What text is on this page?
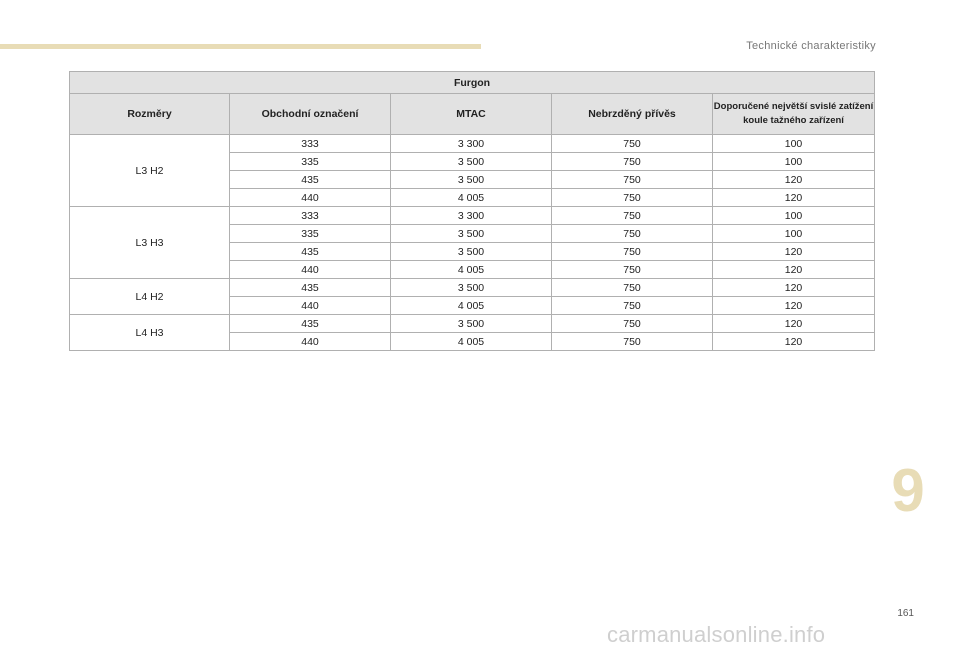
Technické charakteristiky
Furgon				
Rozměry	Obchodní označení	MTAC	Nebrzděný přívěs	Doporučené největší svislé zatížení koule tažného zařízení
L3 H2	333	3 300	750	100
	335	3 500	750	100
	435	3 500	750	120
	440	4 005	750	120
L3 H3	333	3 300	750	100
	335	3 500	750	100
	435	3 500	750	120
	440	4 005	750	120
L4 H2	435	3 500	750	120
	440	4 005	750	120
L4 H3	435	3 500	750	120
	440	4 005	750	120
9
161
carmanualsonline.info
